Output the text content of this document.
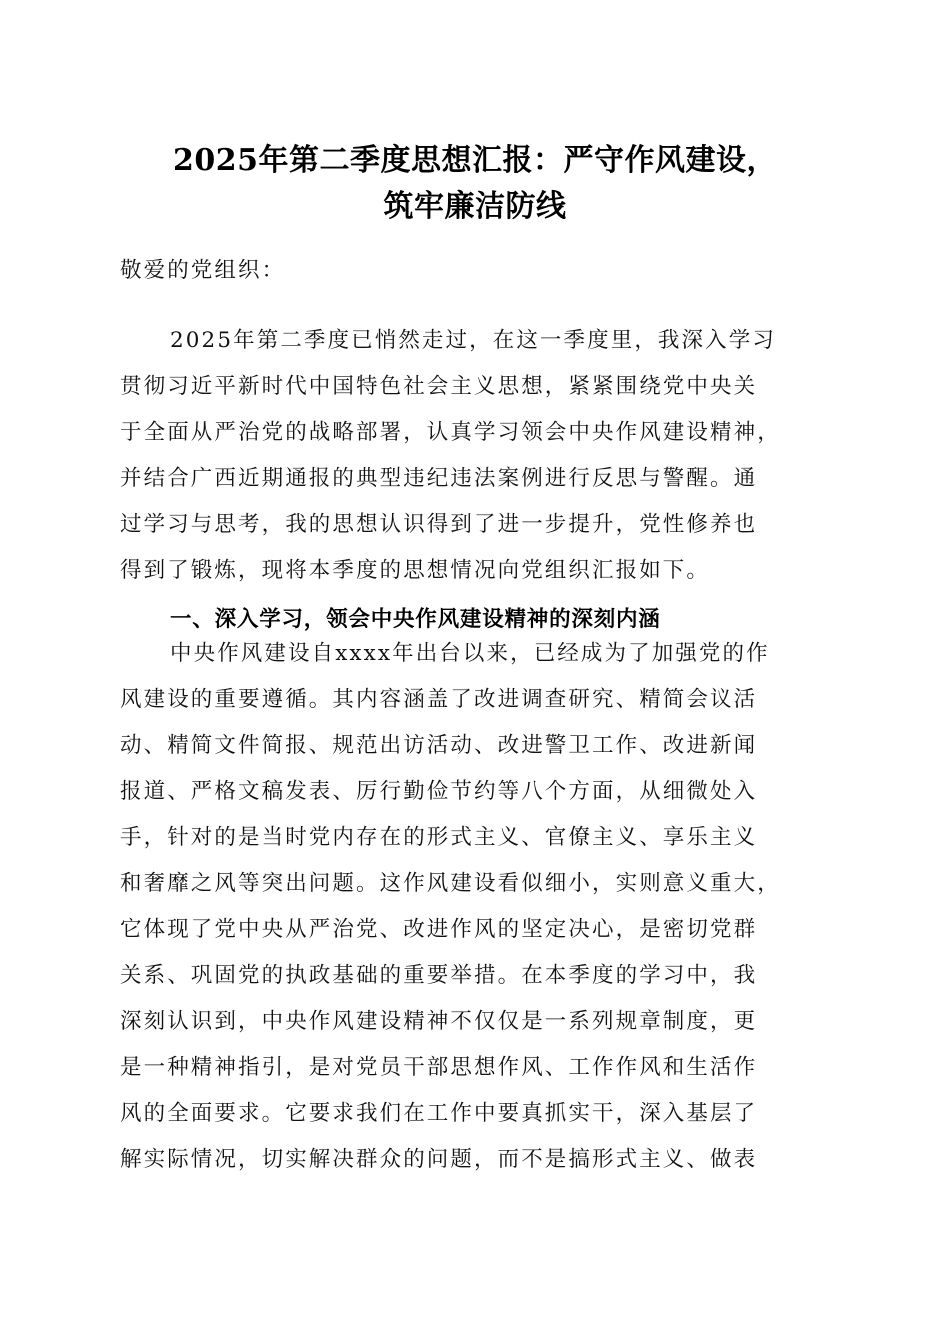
2025年第二季度思想汇报：严守作风建设，
筑牢廉洁防线
敬爱的党组织：
2025年第二季度已悄然走过，在这一季度里，我深入学习
贯彻习近平新时代中国特色社会主义思想，紧紧围绕党中央关
于全面从严治党的战略部署，认真学习领会中央作风建设精神，
并结合广西近期通报的典型违纪违法案例进行反思与警醒。通
过学习与思考，我的思想认识得到了进一步提升，党性修养也
得到了锻炼，现将本季度的思想情况向党组织汇报如下。
一、深入学习，领会中央作风建设精神的深刻内涵
中央作风建设自xxxx年出台以来，已经成为了加强党的作
风建设的重要遵循。其内容涵盖了改进调查研究、精简会议活
动、精简文件简报、规范出访活动、改进警卫工作、改进新闻
报道、严格文稿发表、厉行勤俭节约等八个方面，从细微处入
手，针对的是当时党内存在的形式主义、官僚主义、享乐主义
和奢靡之风等突出问题。这作风建设看似细小，实则意义重大，
它体现了党中央从严治党、改进作风的坚定决心，是密切党群
关系、巩固党的执政基础的重要举措。在本季度的学习中，我
深刻认识到，中央作风建设精神不仅仅是一系列规章制度，更
是一种精神指引，是对党员干部思想作风、工作作风和生活作
风的全面要求。它要求我们在工作中要真抓实干，深入基层了
解实际情况，切实解决群众的问题，而不是搞形式主义、做表
